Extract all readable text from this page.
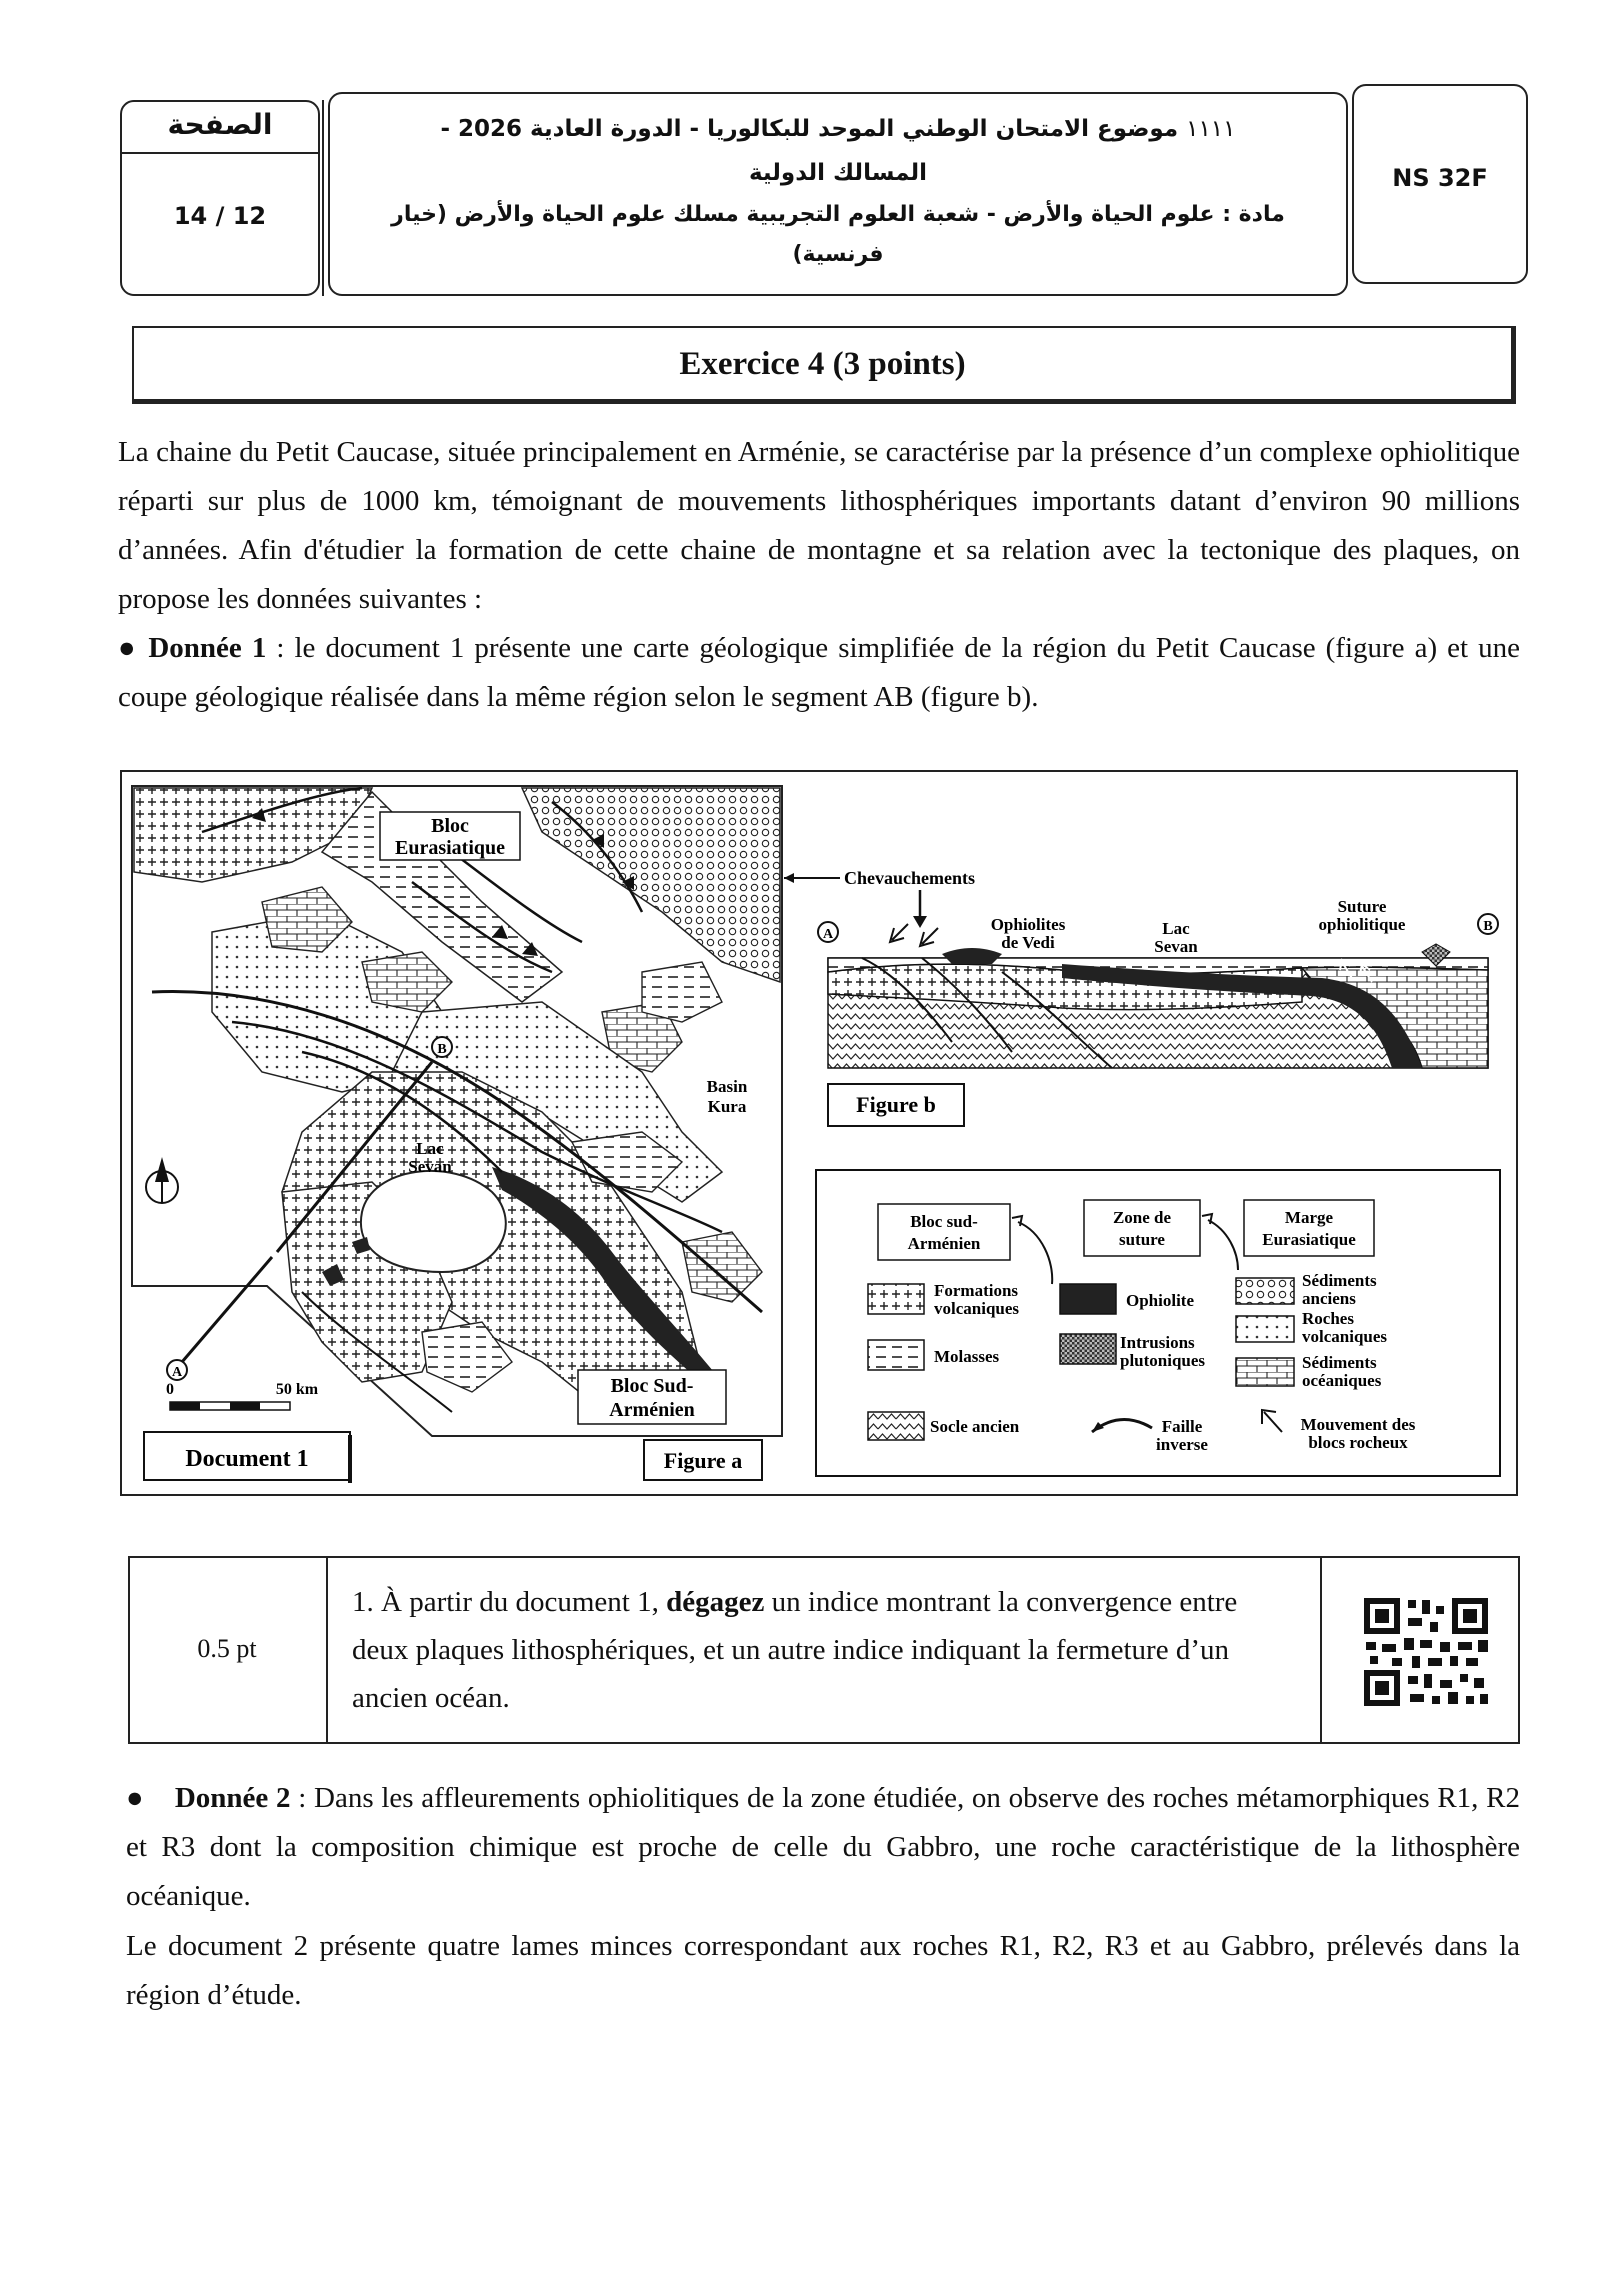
الصفحة
14 / 12
١١١١ موضوع الامتحان الوطني الموحد للبكالوريا - الدورة العادية 2026 -
المسالك الدولية
مادة : علوم الحياة والأرض - شعبة العلوم التجريبية مسلك علوم الحياة والأرض (خيار
فرنسية)
NS 32F
Exercice 4 (3 points)
La chaine du Petit Caucase, située principalement en Arménie, se caractérise par la présence d’un complexe ophiolitique réparti sur plus de 1000 km, témoignant de mouvements lithosphériques importants datant d’environ 90 millions d’années. Afin d'étudier la formation de cette chaine de montagne et sa relation avec la tectonique des plaques, on propose les données suivantes :
● Donnée 1 : le document 1 présente une carte géologique simplifiée de la région du Petit Caucase (figure a) et une coupe géologique réalisée dans la même région selon le segment AB (figure b).
B
A
0	50 km
Bloc
Eurasiatique
Basin
Kura
Lac
Sevan
Bloc Sud-
Arménien
Figure a
Document 1
Chevauchements
A
B
Ophiolites
de Vedi
Lac
Sevan
Suture
ophiolitique
Figure b
Bloc sud-
Arménien
Zone de
suture
Marge
Eurasiatique
Formations
volcaniques
Molasses
Socle ancien
Ophiolite
Intrusions
plutoniques
Faille
inverse
Sédiments
anciens
Roches
volcaniques
Sédiments
océaniques
Mouvement des
blocs rocheux
0.5 pt
1. À partir du document 1, dégagez un indice montrant la convergence entre deux plaques lithosphériques, et un autre indice indiquant la fermeture d’un ancien océan.
●    Donnée 2 : Dans les affleurements ophiolitiques de la zone étudiée, on observe des roches métamorphiques R1, R2 et R3 dont la composition chimique est proche de celle du Gabbro, une roche caractéristique de la lithosphère océanique.
Le document 2 présente quatre lames minces correspondant aux roches R1, R2, R3 et au Gabbro, prélevés dans la région d’étude.
